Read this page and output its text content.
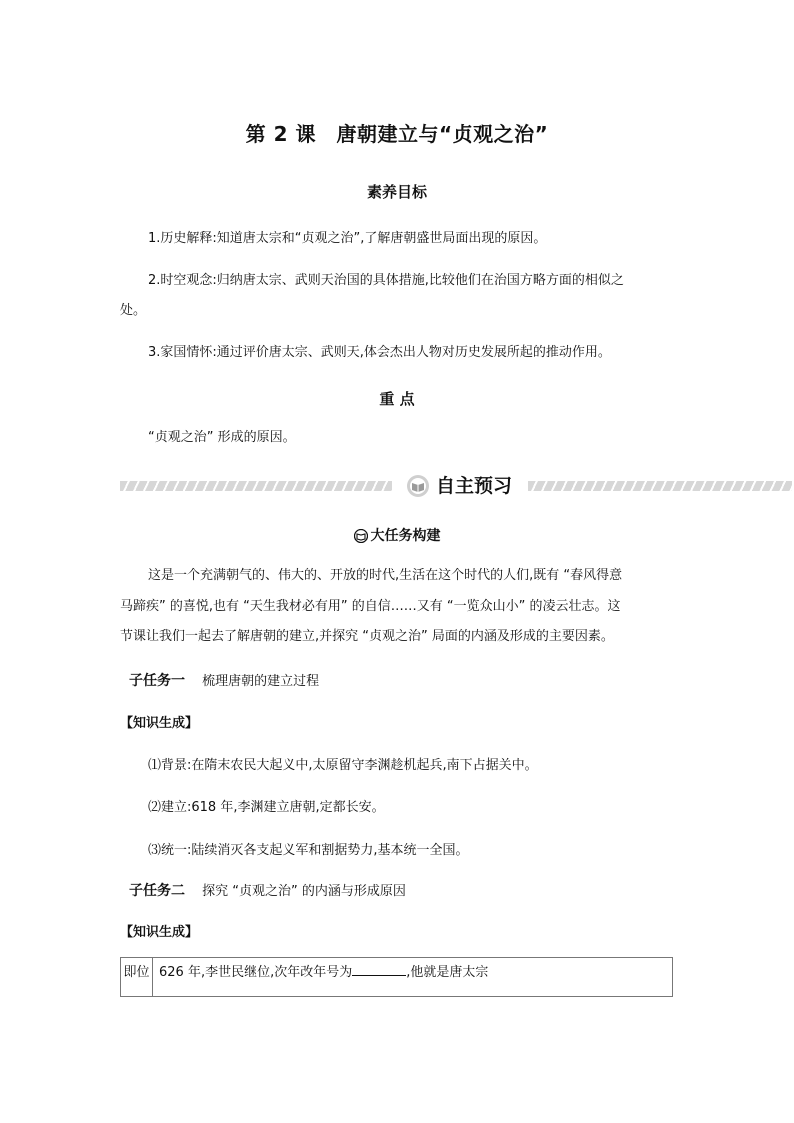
第 2 课　唐朝建立与“贞观之治”
素养目标
1.历史解释:知道唐太宗和“贞观之治”,了解唐朝盛世局面出现的原因。
2.时空观念:归纳唐太宗、武则天治国的具体措施,比较他们在治国方略方面的相似之
处。
3.家国情怀:通过评价唐太宗、武则天,体会杰出人物对历史发展所起的推动作用。
重 点
“贞观之治” 形成的原因。
自主预习
大任务构建
这是一个充满朝气的、伟大的、开放的时代,生活在这个时代的人们,既有 “春风得意
马蹄疾” 的喜悦,也有 “天生我材必有用” 的自信……又有 “一览众山小” 的凌云壮志。这
节课让我们一起去了解唐朝的建立,并探究 “贞观之治” 局面的内涵及形成的主要因素。
子任务一 梳理唐朝的建立过程
【知识生成】
⑴背景:在隋末农民大起义中,太原留守李渊趁机起兵,南下占据关中。
⑵建立:618 年,李渊建立唐朝,定都长安。
⑶统一:陆续消灭各支起义军和割据势力,基本统一全国。
子任务二 探究 “贞观之治” 的内涵与形成原因
【知识生成】
即位 626 年,李世民继位,次年改年号为	,他就是唐太宗
